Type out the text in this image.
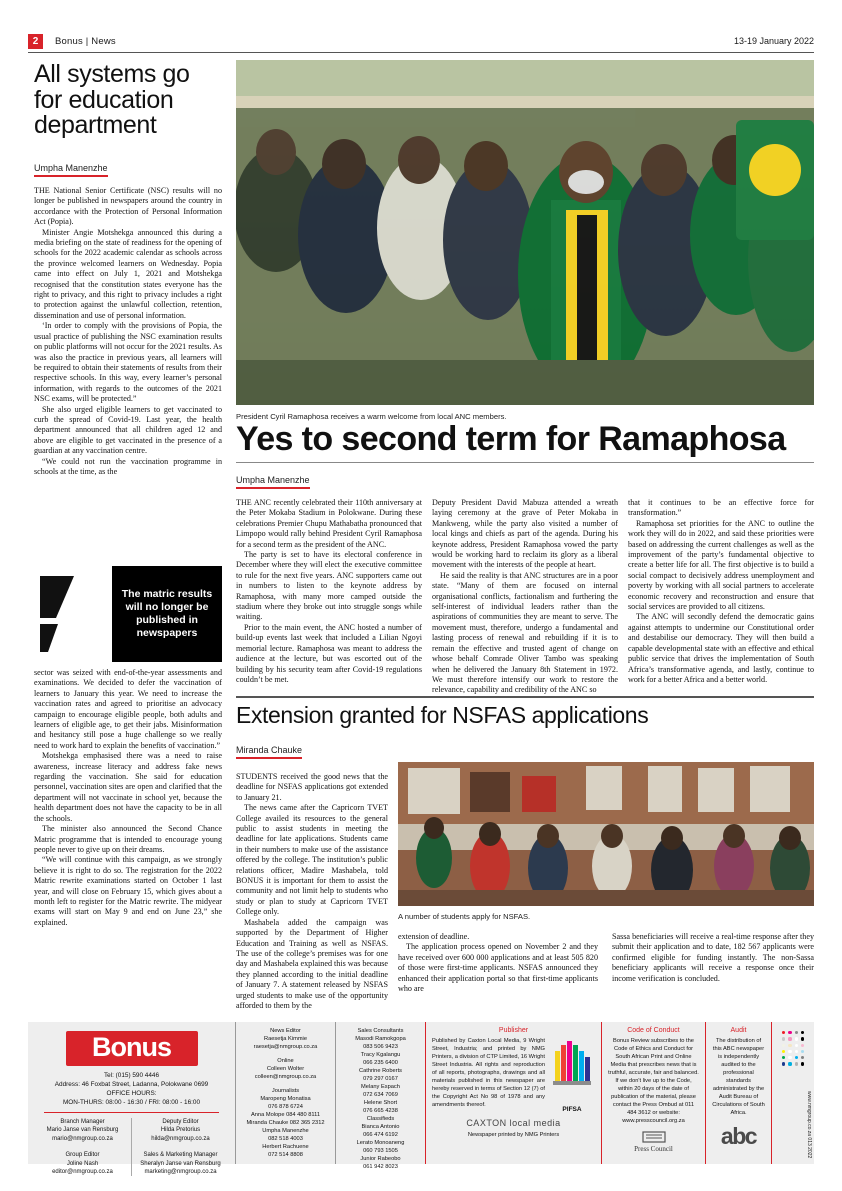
2	Bonus | News	13-19 January 2022
All systems go for education department
Umpha Manenzhe

THE National Senior Certificate (NSC) results will no longer be published in newspapers around the country in accordance with the Protection of Personal Information Act (Popia).

Minister Angie Motshekga announced this during a media briefing on the state of readiness for the opening of schools for the 2022 academic calendar as schools across the province welcomed learners on Wednesday. Popia came into effect on July 1, 2021 and Motshekga recognised that the constitution states everyone has the right to privacy, and this right to privacy includes a right to protection against the unlawful collection, retention, dissemination and use of personal information.

‘In order to comply with the provisions of Popia, the usual practice of publishing the NSC examination results on public platforms will not occur for the 2021 results. As was also the practice in previous years, all learners will be required to obtain their statements of results from their respective schools. In this way, every learner’s personal information, with regards to the outcomes of the 2021 NSC exams, will be protected.”

She also urged eligible learners to get vaccinated to curb the spread of Covid-19. Last year, the health department announced that all children aged 12 and above are eligible to get vaccinated in the presence of a guardian at any vaccination centre.

“We could not run the vaccination programme in schools at the time, as the

The matric results will no longer be published in newspapers

sector was seized with end-of-the-year assessments and examinations. We decided to defer the vaccination of learners to January this year. We need to increase the vaccination rates and agreed to prioritise an advocacy campaign to encourage eligible people, both adults and learners of eligible age, to get their jabs. Misinformation and hesitancy still pose a huge challenge so we really need to work hard to explain the benefits of vaccination.”

Motshekga emphasised there was a need to raise awareness, increase literacy and address fake news regarding the vaccination. She said for education personnel, vaccination sites are open and clarified that the department will not vaccinate in school yet, because the health department does not have the capacity to be in all the schools.

The minister also announced the Second Chance Matric programme that is intended to encourage young people never to give up on their dreams.

“We will continue with this campaign, as we strongly believe it is right to do so. The registration for the 2022 Matric rewrite examinations started on October 1 last year, and will close on February 15, which gives about a month left to register for the Matric rewrite. The midyear exams will start on May 9 and end on June 23,” she explained.

President Cyril Ramaphosa receives a warm welcome from local ANC members.
Yes to second term for Ramaphosa
Umpha Manenzhe

THE ANC recently celebrated their 110th anniversary at the Peter Mokaba Stadium in Polokwane. During these celebrations Premier Chupu Mathabatha pronounced that Limpopo would rally behind President Cyril Ramaphosa for a second term as the president of the ANC.

The party is set to have its electoral conference in December where they will elect the executive committee to rule for the next five years. ANC supporters came out in numbers to listen to the keynote address by Ramaphosa, with many more camped outside the stadium where they broke out into struggle songs while waiting.

Prior to the main event, the ANC hosted a number of build-up events last week that included a Lilian Ngoyi memorial lecture. Ramaphosa was meant to address the audience at the lecture, but was escorted out of the building by his security team after Covid-19 regulations couldn’t be met.

Deputy President David Mabuza attended a wreath laying ceremony at the grave of Peter Mokaba in Mankweng, while the party also visited a number of local kings and chiefs as part of the agenda. During his keynote address, President Ramaphosa vowed the party would be working hard to reclaim its glory as a liberal movement with the interests of the people at heart.

He said the reality is that ANC structures are in a poor state. “Many of them are focused on internal organisational conflicts, factionalism and furthering the self-interest of individual leaders rather than the aspirations of communities they are meant to serve. The movement must, therefore, undergo a fundamental and lasting process of renewal and rebuilding if it is to remain the effective and trusted agent of change on whose behalf Comrade Oliver Tambo was speaking when he delivered the January 8th Statement in 1972. We must therefore intensify our work to restore the relevance, capability and credibility of the ANC so

that it continues to be an effective force for transformation.”

Ramaphosa set priorities for the ANC to outline the work they will do in 2022, and said these priorities were based on addressing the current challenges as well as the improvement of the party’s fundamental objective to create a better life for all. The first objective is to build a social compact to decisively address unemployment and poverty by working with all social partners to accelerate economic recovery and reconstruction and ensure that social services are provided to all citizens.

The ANC will secondly defend the democratic gains against attempts to undermine our Constitutional order and destabilise our democracy. They will then build a capable developmental state with an effective and ethical public service that drives the implementation of South Africa’s transformative agenda, and lastly, continue to work for a better Africa and a better world.

Extension granted for NSFAS applications
Miranda Chauke

STUDENTS received the good news that the deadline for NSFAS applications got extended to January 21.

The news came after the Capricorn TVET College availed its resources to the general public to assist students in meeting the deadline for late applications. Students came in their numbers to make use of the assistance offered by the college. The institution’s public relations officer, Madire Mashabela, told BONUS it is important for them to assist the community and not limit help to students who study or plan to study at Capricorn TVET College only.

Mashabela added the campaign was supported by the Department of Higher Education and Training as well as NSFAS. The use of the college’s premises was for one day and Mashabela explained this was because they planned according to the initial deadline of January 7. A statement released by NSFAS urged students to make use of the opportunity afforded to them by the

A number of students apply for NSFAS.

extension of deadline.

The application process opened on November 2 and they have received over 600 000 applications and at least 505 820 of those were first-time applicants. NSFAS announced they enhanced their application portal so that first-time applicants who are

Sassa beneficiaries will receive a real-time response after they submit their application and to date, 182 567 applicants were confirmed eligible for funding instantly. The non-Sassa beneficiary applicants will receive a response once their income verification is concluded.

Bonus
Tel: (015) 590 4446
Address: 46 Foxbat Street, Ladanna, Polokwane 0699
OFFICE HOURS:
MON-THURS: 08:00 - 16:30 / FRI: 08:00 - 16:00
Branch Manager
Mario Janse van Rensburg
mario@nmgroup.co.za
Group Editor
Joline Nash
editor@nmgroup.co.za
Deputy Editor
Hilda Pretorius
hilda@nmgroup.co.za
Sales & Marketing Manager
Sheralyn Janse van Rensburg
marketing@nmgroup.co.za
News Editor
Raesetja Kimmie
raesetja@nmgroup.co.za
Online
Colleen Wolter
colleen@nmgroup.co.za
Journalists
Maropeng Monatisa
076 878 6724
Anna Molope 084 480 8111
Miranda Chauke 082 365 2312
Umpha Manenzhe
082 518 4003
Herbert Rachuene
072 514 8808
Sales Consultants
Masodi Ramokgopa
083 506 9423
Tracy Kgalangu
066 235 6400
Cathrine Roberts
079 297 0167
Melany Espach
072 634 7069
Helene Short
076 665 4238
Classifieds
Bianca Antonio
066 474 6192
Lerato Monoaneng
060 793 1505
Junior Rabeobo
061 942 8023
Publisher
Published by Caxton Local Media, 9 Wright Street, Industria; and printed by NMG Printers, a division of CTP Limited, 16 Wright Street Industria. All rights and reproduction of all reports, photographs, drawings and all materials published in this newspaper are hereby reserved in terms of Section 12 (7) of the Copyright Act No 98 of 1978 and any amendments thereof.
PIFSA
CAXTON local media
Newspaper printed by NMG Printers
Code of Conduct
Bonus Review subscribes to the Code of Ethics and Conduct for South African Print and Online Media that prescribes news that is truthful, accurate, fair and balanced. If we don't live up to the Code, within 20 days of the date of publication of the material, please contact the Press Ombud at 011 484 3612 or website:
www.presscouncil.org.za
Press Council
Audit
The distribution of this ABC newspaper is independently audited to the professional standards administrated by the Audit Bureau of Circulations of South Africa.
abc	www.nmgroup.co.za 013 2022
